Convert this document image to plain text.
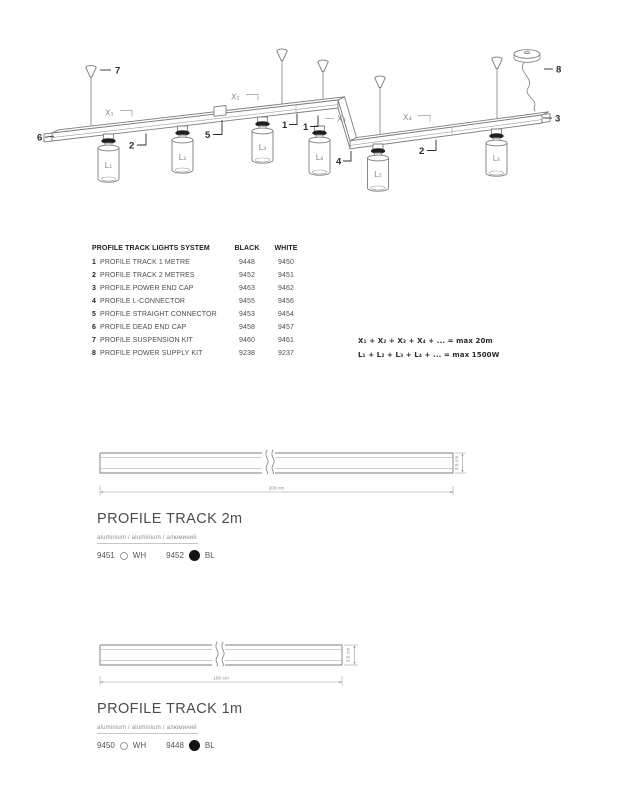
L₁
L₂
L₃
L₄
L₅
L₆
X₁
X₂
X₃	X₄
7
6
2
5
1 1
4
2
3
8
PROFILE TRACK LIGHTS SYSTEM	BLACK	WHITE
1 PROFILE TRACK 1 METRE	9448	9450
2 PROFILE TRACK 2 METRES	9452	9451
3 PROFILE POWER END CAP	9463	9462
4 PROFILE L-CONNECTOR	9455	9456
5 PROFILE STRAIGHT CONNECTOR	9453	9454
6 PROFILE DEAD END CAP	9458	9457
7 PROFILE SUSPENSION KIT	9460	9461
8 PROFILE POWER SUPPLY KIT	9238	9237
X₁ + X₂ + X₃ + X₄ + ... = max 20m
L₁ + L₂ + L₃ + L₄ + ... = max 1500W
3,5 cm
200 cm
PROFILE TRACK 2m
aluminium / aluminium / алюминий
9451 WH	9452	BL
3,5 cm
100 cm
PROFILE TRACK 1m
aluminium / aluminium / алюминий
9450 WH	9448	BL
